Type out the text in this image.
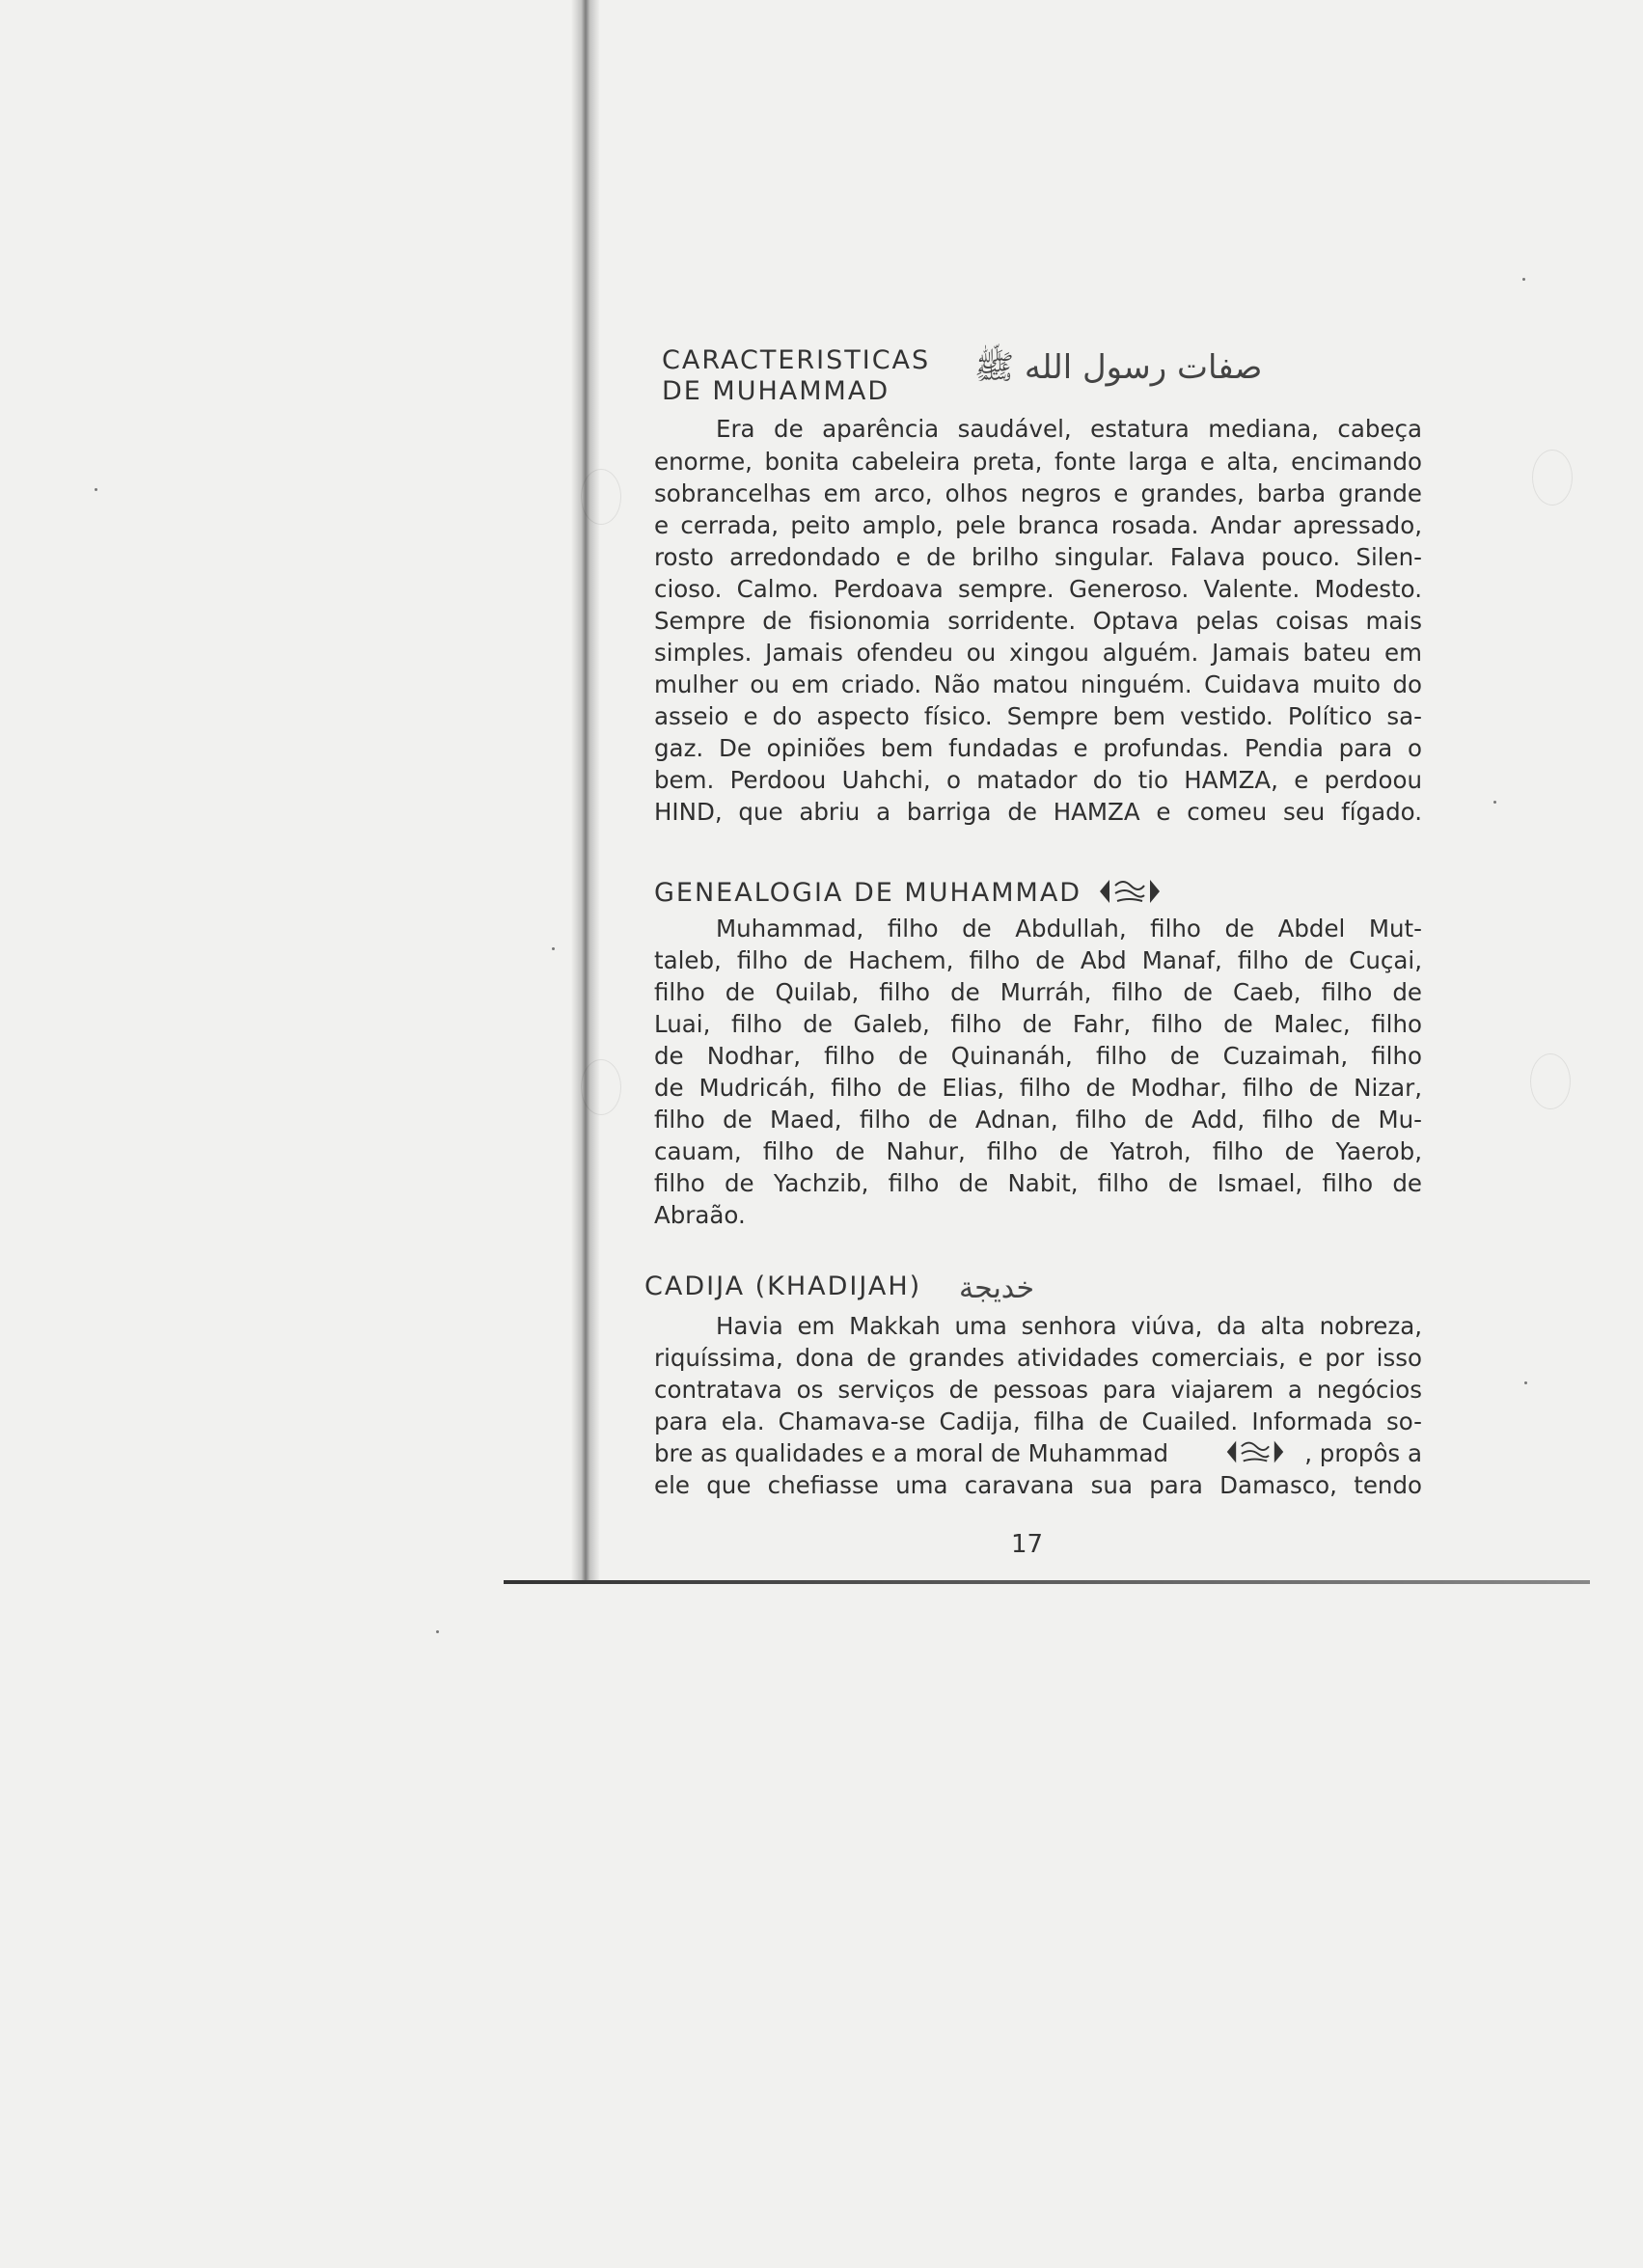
CARACTERISTICAS
DE MUHAMMAD
صفات رسول الله ﷺ
Era de aparência saudável, estatura mediana, cabeça
enorme, bonita cabeleira preta, fonte larga e alta, encimando
sobrancelhas em arco, olhos negros e grandes, barba grande
e cerrada, peito amplo, pele branca rosada. Andar apressado,
rosto arredondado e de brilho singular. Falava pouco. Silen-
cioso. Calmo. Perdoava sempre. Generoso. Valente. Modesto.
Sempre de fisionomia sorridente. Optava pelas coisas mais
simples. Jamais ofendeu ou xingou alguém. Jamais bateu em
mulher ou em criado. Não matou ninguém. Cuidava muito do
asseio e do aspecto físico. Sempre bem vestido. Político sa-
gaz. De opiniões bem fundadas e profundas. Pendia para o
bem. Perdoou Uahchi, o matador do tio HAMZA, e perdoou
HIND, que abriu a barriga de HAMZA e comeu seu fígado.
GENEALOGIA DE MUHAMMAD
Muhammad, filho de Abdullah, filho de Abdel Mut-
taleb, filho de Hachem, filho de Abd Manaf, filho de Cuçai,
filho de Quilab, filho de Murráh, filho de Caeb, filho de
Luai, filho de Galeb, filho de Fahr, filho de Malec, filho
de Nodhar, filho de Quinanáh, filho de Cuzaimah, filho
de Mudricáh, filho de Elias, filho de Modhar, filho de Nizar,
filho de Maed, filho de Adnan, filho de Add, filho de Mu-
cauam, filho de Nahur, filho de Yatroh, filho de Yaerob,
filho de Yachzib, filho de Nabit, filho de Ismael, filho de
Abraão.
CADIJA (KHADIJAH) خديجة
Havia em Makkah uma senhora viúva, da alta nobreza,
riquíssima, dona de grandes atividades comerciais, e por isso
contratava os serviços de pessoas para viajarem a negócios
para ela. Chamava-se Cadija, filha de Cuailed. Informada so-
bre as qualidades e a moral de Muhammad	, propôs a
ele que chefiasse uma caravana sua para Damasco, tendo
17
